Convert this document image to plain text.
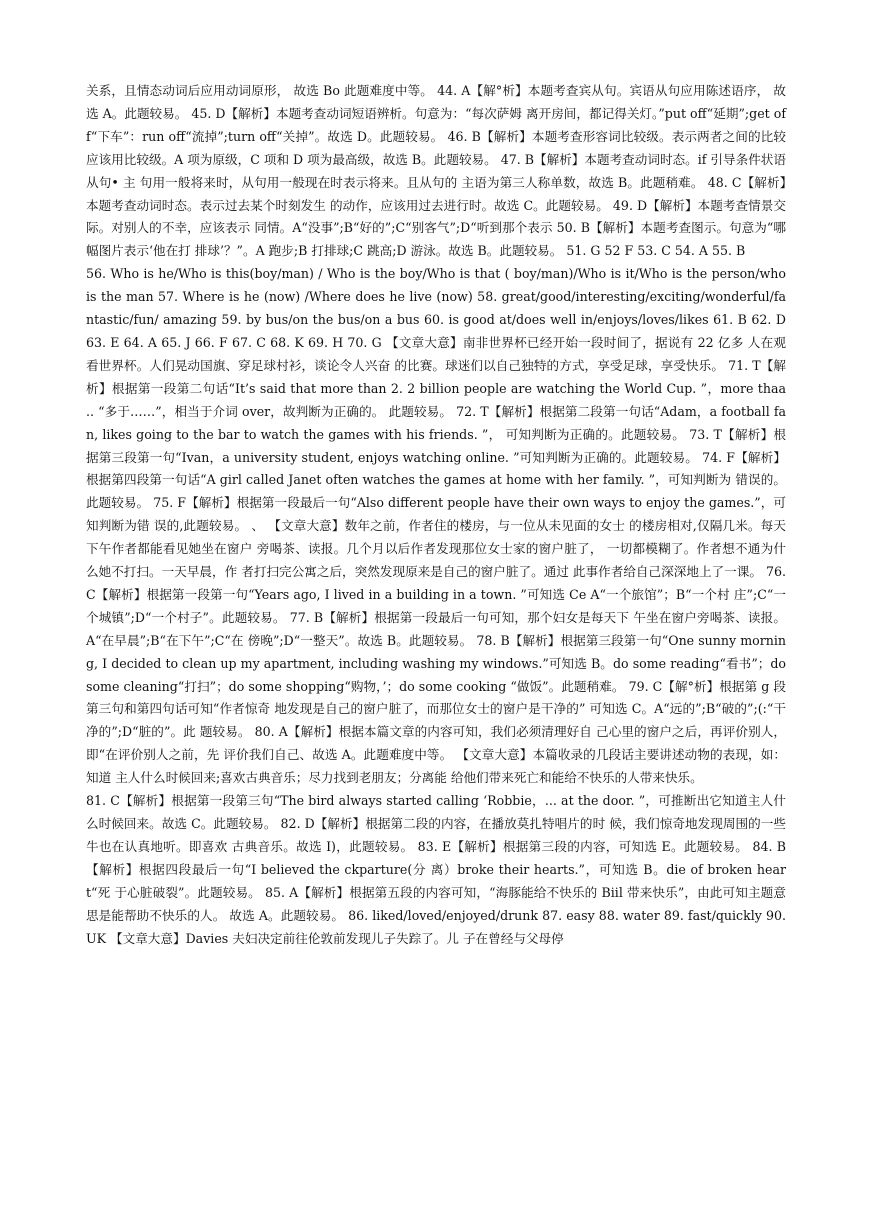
关系，且情态动词后应用动词原形， 故选 Bo 此题难度中等。 44. A【解°析】本题考查宾从句。宾语从句应用陈述语序， 故选 A。此题较易。 45. D【解析】本题考查动词短语辨析。句意为：“每次萨姆 离开房间，都记得关灯。”put off“延期”;get off“下车”：run off“流掉”;turn off“关掉”。故选 D。此题较易。 46. B【解析】本题考查形容词比较级。表示两者之间的比较 应该用比较级。A 项为原级，C 项和 D 项为最高级，故选 B。此题较易。 47. B【解析】本题考查动词时态。if 引导条件状语从句• 主 句用一般将来时，从句用一般现在时表示将来。且从句的 主语为第三人称单数，故选 B。此题稍难。 48. C【解析】本题考查动词时态。表示过去某个时刻发生 的动作，应该用过去进行时。故选 C。此题较易。 49. D【解析】本题考查情景交际。对别人的不幸，应该表示 同情。A“没事”;B“好的”;C“别客气”;D“听到那个表示 50. B【解析】本题考查图示。句意为“哪幅图片表示‘他在打 排球’？”。A 跑步;B 打排球;C 跳高;D 游泳。故选 B。此题较易。 51. G 52 F 53. C 54. A 55. B

56. Who is he/Who is this(boy/man) / Who is the boy/Who is that ( boy/man)/Who is it/Who is the person/who is the man 57. Where is he (now) /Where does he live (now) 58. great/good/interesting/exciting/wonderful/fantastic/fun/ amazing 59. by bus/on the bus/on a bus 60. is good at/does well in/enjoys/loves/likes 61. B 62. D 63. E 64. A 65. J 66. F 67. C 68. K 69. H 70. G 【文章大意】南非世界杯已经开始一段时间了，据说有 22 亿多 人在观看世界杯。人们晃动国旗、穿足球村衫，谈论令人兴奋 的比赛。球迷们以自己独特的方式，享受足球，享受快乐。 71. T【解析】根据第一段第二句话“It’s said that more than 2. 2 billion people are watching the World Cup. ”，more thaa .. “多于……”，相当于介词 over，故判断为正确的。 此题较易。 72. T【解析】根据第二段第一句话“Adam，a football fan, likes going to the bar to watch the games with his friends. ”， 可知判断为正确的。此题较易。 73. T【解析】根据第三段第一句“Ivan，a university student, enjoys watching online. ”可知判断为正确的。此题较易。 74. F【解析】根据第四段第一句话“A girl called Janet often watches the games at home with her family. ”，可知判断为 错误的。此题较易。 75. F【解析】根据第一段最后一句“Also different people have their own ways to enjoy the games.”，可知判断为错 误的,此题较易。 、 【文章大意】数年之前，作者住的楼房，与一位从未见面的女士 的楼房相对,仅隔几米。每天下午作者都能看见她坐在窗户 旁喝茶、读报。几个月以后作者发现那位女士家的窗户脏了， 一切都模糊了。作者想不通为什么她不打扫。一天早晨，作 者打扫完公寓之后，突然发现原来是自己的窗户脏了。通过 此事作者给自己深深地上了一课。 76. C【解析】根据第一段第一句“Years ago, I lived in a building in a town. ”可知选 Ce A“一个旅馆”；B“一个村 庄”;C“一个城镇”;D“一个村子”。此题较易。 77. B【解析】根据第一段最后一句可知，那个妇女是每天下 午坐在窗户旁喝茶、读报。A“在早晨”;B“在下午”;C“在 傍晚”;D“一整天”。故选 B。此题较易。 78. B【解析】根据第三段第一句“One sunny morning, I decided to clean up my apartment, including washing my windows.”可知选 B。do some reading“看书”；do some cleaning“打扫”；do some shopping“购物，’；do some cooking “做饭”。此题稍难。 79. C【解°析】根据第 g 段第三句和第四句话可知“作者惊奇 地发现是自己的窗户脏了，而那位女士的窗户是干净的” 可知选 C。A“远的”;B“破的”;(:“干净的”;D“脏的”。此 题较易。 80. A【解析】根据本篇文章的内容可知，我们必须清理好自 己心里的窗户之后，再评价别人，即“在评价别人之前，先 评价我们自己、故选 A。此题难度中等。 【文章大意】本篇收录的几段话主要讲述动物的表现，如：知道 主人什么时候回来;喜欢古典音乐；尽力找到老朋友；分离能 给他们带来死亡和能给不快乐的人带来快乐。

81. C【解析】根据第一段第三句“The bird always started calling ‘Robbie，... at the door. ”，可推断出它知道主人什 么时候回来。故选 C。此题较易。 82. D【解析】根据第二段的内容，在播放莫扎特唱片的时 候，我们惊奇地发现周围的一些牛也在认真地听。即喜欢 古典音乐。故选 I)，此题较易。 83. E【解析】根据第三段的内容，可知选 E。此题较易。 84. B【解析】根据四段最后一句“I believed the ckparture(分 离）broke their hearts.”，可知选 B。die of broken heart“死 于心脏破裂”。此题较易。 85. A【解析】根据第五段的内容可知，“海豚能给不快乐的 Biil 带来快乐”，由此可知主题意思是能帮助不快乐的人。 故选 A。此题较易。 86. liked/loved/enjoyed/drunk 87. easy 88. water 89. fast/quickly 90. UK 【文章大意】Davies 夫妇决定前往伦敦前发现儿子失踪了。儿 子在曾经与父母停
